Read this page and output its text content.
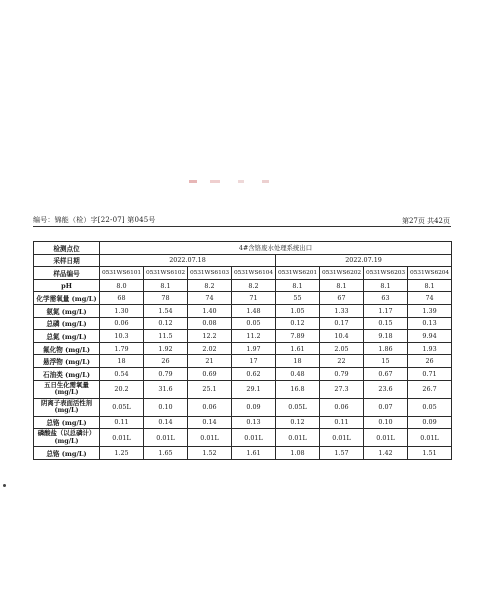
编号：锦能（检）字[22-07] 第045号	第27页 共42页
检测点位	4#含铬废水处理系统出口							
采样日期	2022.07.18				2022.07.19			
样品编号	0531WS6101	0531WS6102	0531WS6103	0531WS6104	0531WS6201	0531WS6202	0531WS6203	0531WS6204
pH	8.0	8.1	8.2	8.2	8.1	8.1	8.1	8.1
化学需氧量 (mg/L)	68	78	74	71	55	67	63	74
氨氮 (mg/L)	1.30	1.54	1.40	1.48	1.05	1.33	1.17	1.39
总磷 (mg/L)	0.06	0.12	0.08	0.05	0.12	0.17	0.15	0.13
总氮 (mg/L)	10.3	11.5	12.2	11.2	7.89	10.4	9.18	9.94
氟化物 (mg/L)	1.79	1.92	2.02	1.97	1.61	2.05	1.86	1.93
悬浮物 (mg/L)	18	26	21	17	18	22	15	26
石油类 (mg/L)	0.54	0.79	0.69	0.62	0.48	0.79	0.67	0.71
五日生化需氧量 (mg/L)	20.2	31.6	25.1	29.1	16.8	27.3	23.6	26.7
阴离子表面活性剂 (mg/L)	0.05L	0.10	0.06	0.09	0.05L	0.06	0.07	0.05
总铬 (mg/L)	0.11	0.14	0.14	0.13	0.12	0.11	0.10	0.09
磷酸盐（以总磷计） (mg/L)	0.01L	0.01L	0.01L	0.01L	0.01L	0.01L	0.01L	0.01L
总铬 (mg/L)	1.25	1.65	1.52	1.61	1.08	1.57	1.42	1.51
